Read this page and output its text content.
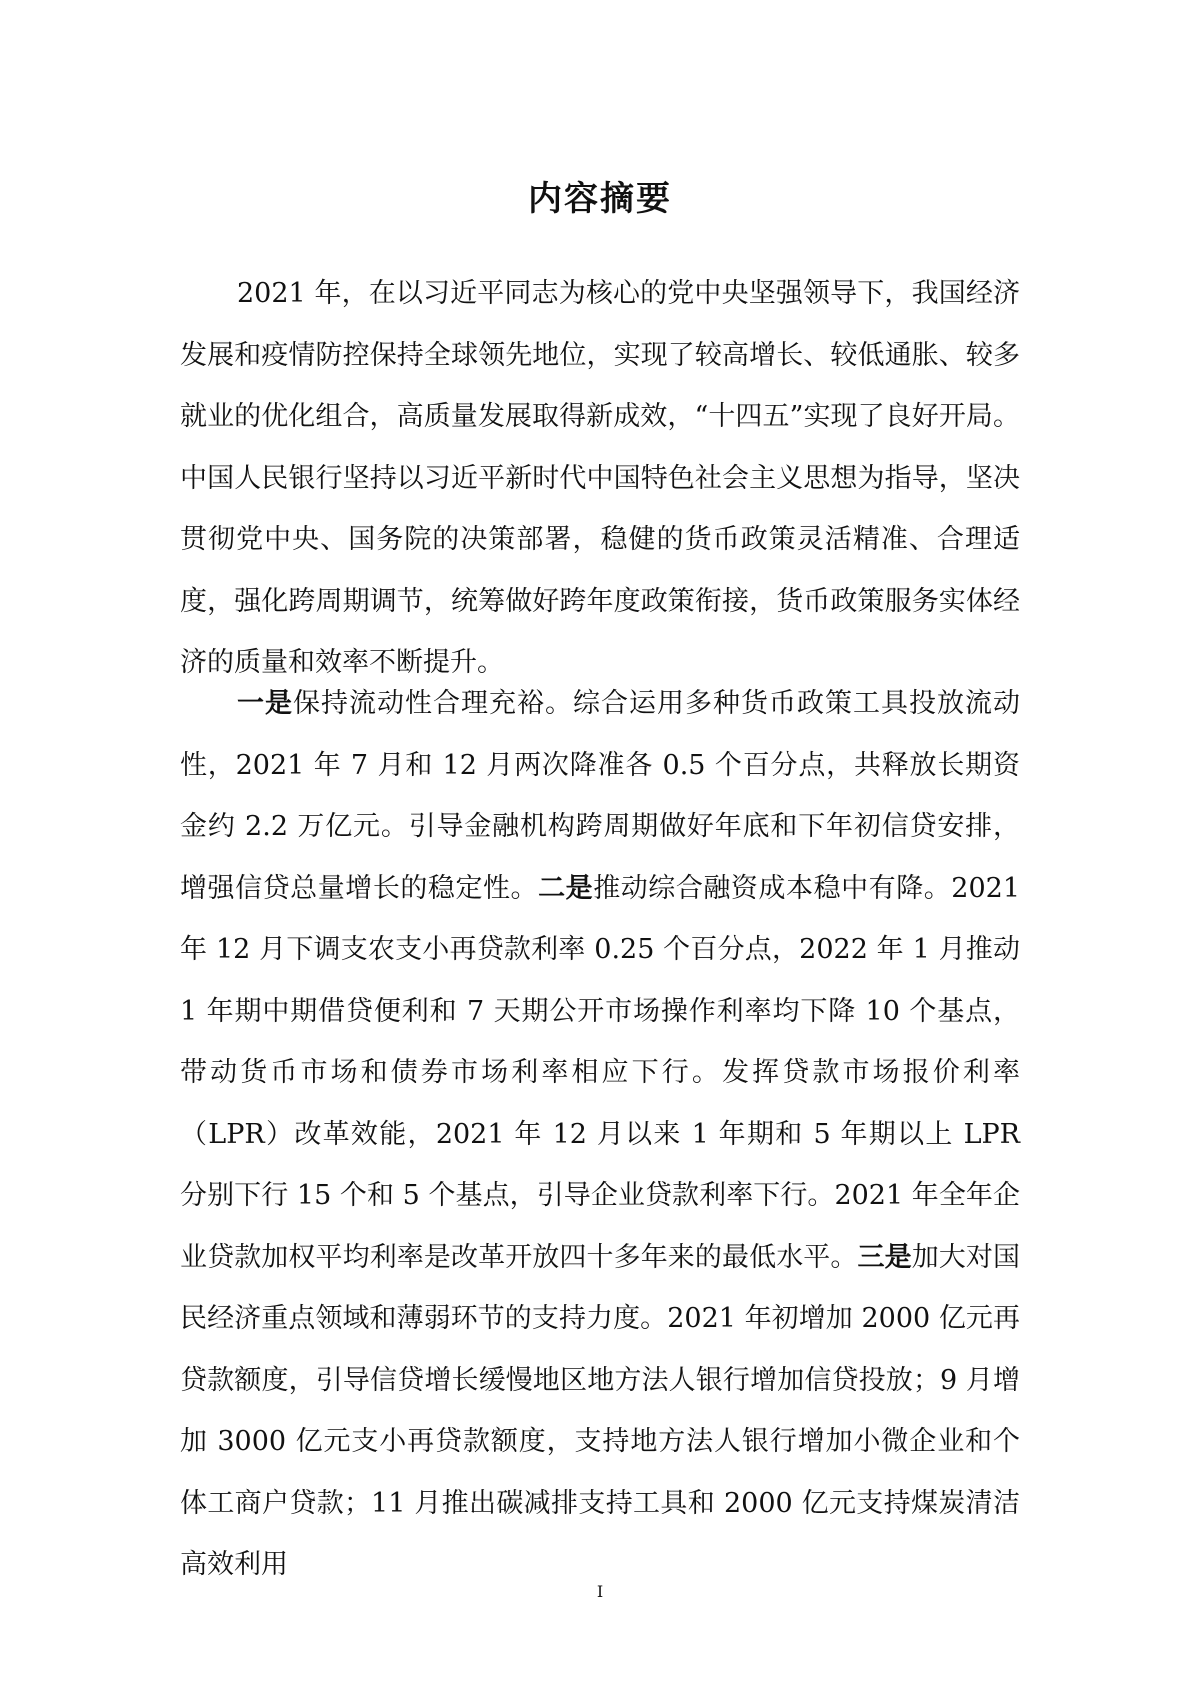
内容摘要

2021 年，在以习近平同志为核心的党中央坚强领导下，我国经济发展和疫情防控保持全球领先地位，实现了较高增长、较低通胀、较多就业的优化组合，高质量发展取得新成效，“十四五”实现了良好开局。中国人民银行坚持以习近平新时代中国特色社会主义思想为指导，坚决贯彻党中央、国务院的决策部署，稳健的货币政策灵活精准、合理适度，强化跨周期调节，统筹做好跨年度政策衔接，货币政策服务实体经济的质量和效率不断提升。

一是保持流动性合理充裕。综合运用多种货币政策工具投放流动性，2021 年 7 月和 12 月两次降准各 0.5 个百分点，共释放长期资金约 2.2 万亿元。引导金融机构跨周期做好年底和下年初信贷安排，增强信贷总量增长的稳定性。二是推动综合融资成本稳中有降。2021 年 12 月下调支农支小再贷款利率 0.25 个百分点，2022 年 1 月推动 1 年期中期借贷便利和 7 天期公开市场操作利率均下降 10 个基点，带动货币市场和债券市场利率相应下行。发挥贷款市场报价利率（LPR）改革效能，2021 年 12 月以来 1 年期和 5 年期以上 LPR 分别下行 15 个和 5 个基点，引导企业贷款利率下行。2021 年全年企业贷款加权平均利率是改革开放四十多年来的最低水平。三是加大对国民经济重点领域和薄弱环节的支持力度。2021 年初增加 2000 亿元再贷款额度，引导信贷增长缓慢地区地方法人银行增加信贷投放；9 月增加 3000 亿元支小再贷款额度，支持地方法人银行增加小微企业和个体工商户贷款；11 月推出碳减排支持工具和 2000 亿元支持煤炭清洁高效利用

I
